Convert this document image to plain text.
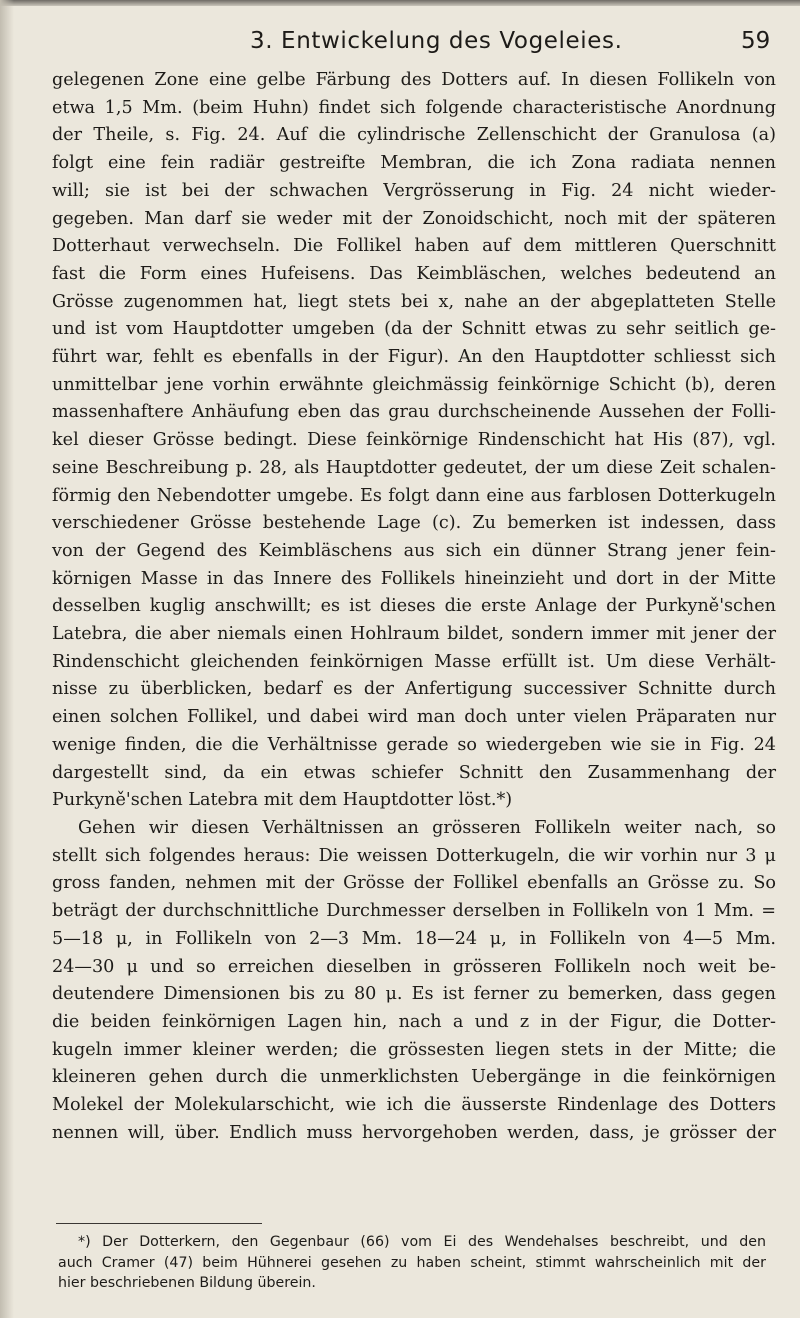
3. Entwickelung des Vogeleies.	59
gelegenen Zone eine gelbe Färbung des Dotters auf. In diesen Follikeln von
etwa 1,5 Mm. (beim Huhn) findet sich folgende characteristische Anordnung
der Theile, s. Fig. 24. Auf die cylindrische Zellenschicht der Granulosa (a)
folgt eine fein radiär gestreifte Membran, die ich Zona radiata nennen
will; sie ist bei der schwachen Vergrösserung in Fig. 24 nicht wieder-
gegeben. Man darf sie weder mit der Zonoidschicht, noch mit der späteren
Dotterhaut verwechseln. Die Follikel haben auf dem mittleren Querschnitt
fast die Form eines Hufeisens. Das Keimbläschen, welches bedeutend an
Grösse zugenommen hat, liegt stets bei x, nahe an der abgeplatteten Stelle
und ist vom Hauptdotter umgeben (da der Schnitt etwas zu sehr seitlich ge-
führt war, fehlt es ebenfalls in der Figur). An den Hauptdotter schliesst sich
unmittelbar jene vorhin erwähnte gleichmässig feinkörnige Schicht (b), deren
massenhaftere Anhäufung eben das grau durchscheinende Aussehen der Folli-
kel dieser Grösse bedingt. Diese feinkörnige Rindenschicht hat His (87), vgl.
seine Beschreibung p. 28, als Hauptdotter gedeutet, der um diese Zeit schalen-
förmig den Nebendotter umgebe. Es folgt dann eine aus farblosen Dotterkugeln
verschiedener Grösse bestehende Lage (c). Zu bemerken ist indessen, dass
von der Gegend des Keimbläschens aus sich ein dünner Strang jener fein-
körnigen Masse in das Innere des Follikels hineinzieht und dort in der Mitte
desselben kuglig anschwillt; es ist dieses die erste Anlage der Purkyně'schen
Latebra, die aber niemals einen Hohlraum bildet, sondern immer mit jener der
Rindenschicht gleichenden feinkörnigen Masse erfüllt ist. Um diese Verhält-
nisse zu überblicken, bedarf es der Anfertigung successiver Schnitte durch
einen solchen Follikel, und dabei wird man doch unter vielen Präparaten nur
wenige finden, die die Verhältnisse gerade so wiedergeben wie sie in Fig. 24
dargestellt sind, da ein etwas schiefer Schnitt den Zusammenhang der
Purkyně'schen Latebra mit dem Hauptdotter löst.*)
Gehen wir diesen Verhältnissen an grösseren Follikeln weiter nach, so
stellt sich folgendes heraus: Die weissen Dotterkugeln, die wir vorhin nur 3 μ
gross fanden, nehmen mit der Grösse der Follikel ebenfalls an Grösse zu. So
beträgt der durchschnittliche Durchmesser derselben in Follikeln von 1 Mm. =
5—18 μ, in Follikeln von 2—3 Mm. 18—24 μ, in Follikeln von 4—5 Mm.
24—30 μ und so erreichen dieselben in grösseren Follikeln noch weit be-
deutendere Dimensionen bis zu 80 μ. Es ist ferner zu bemerken, dass gegen
die beiden feinkörnigen Lagen hin, nach a und z in der Figur, die Dotter-
kugeln immer kleiner werden; die grössesten liegen stets in der Mitte; die
kleineren gehen durch die unmerklichsten Uebergänge in die feinkörnigen
Molekel der Molekularschicht, wie ich die äusserste Rindenlage des Dotters
nennen will, über. Endlich muss hervorgehoben werden, dass, je grösser der
*) Der Dotterkern, den Gegenbaur (66) vom Ei des Wendehalses beschreibt, und den
auch Cramer (47) beim Hühnerei gesehen zu haben scheint, stimmt wahrscheinlich mit der
hier beschriebenen Bildung überein.
